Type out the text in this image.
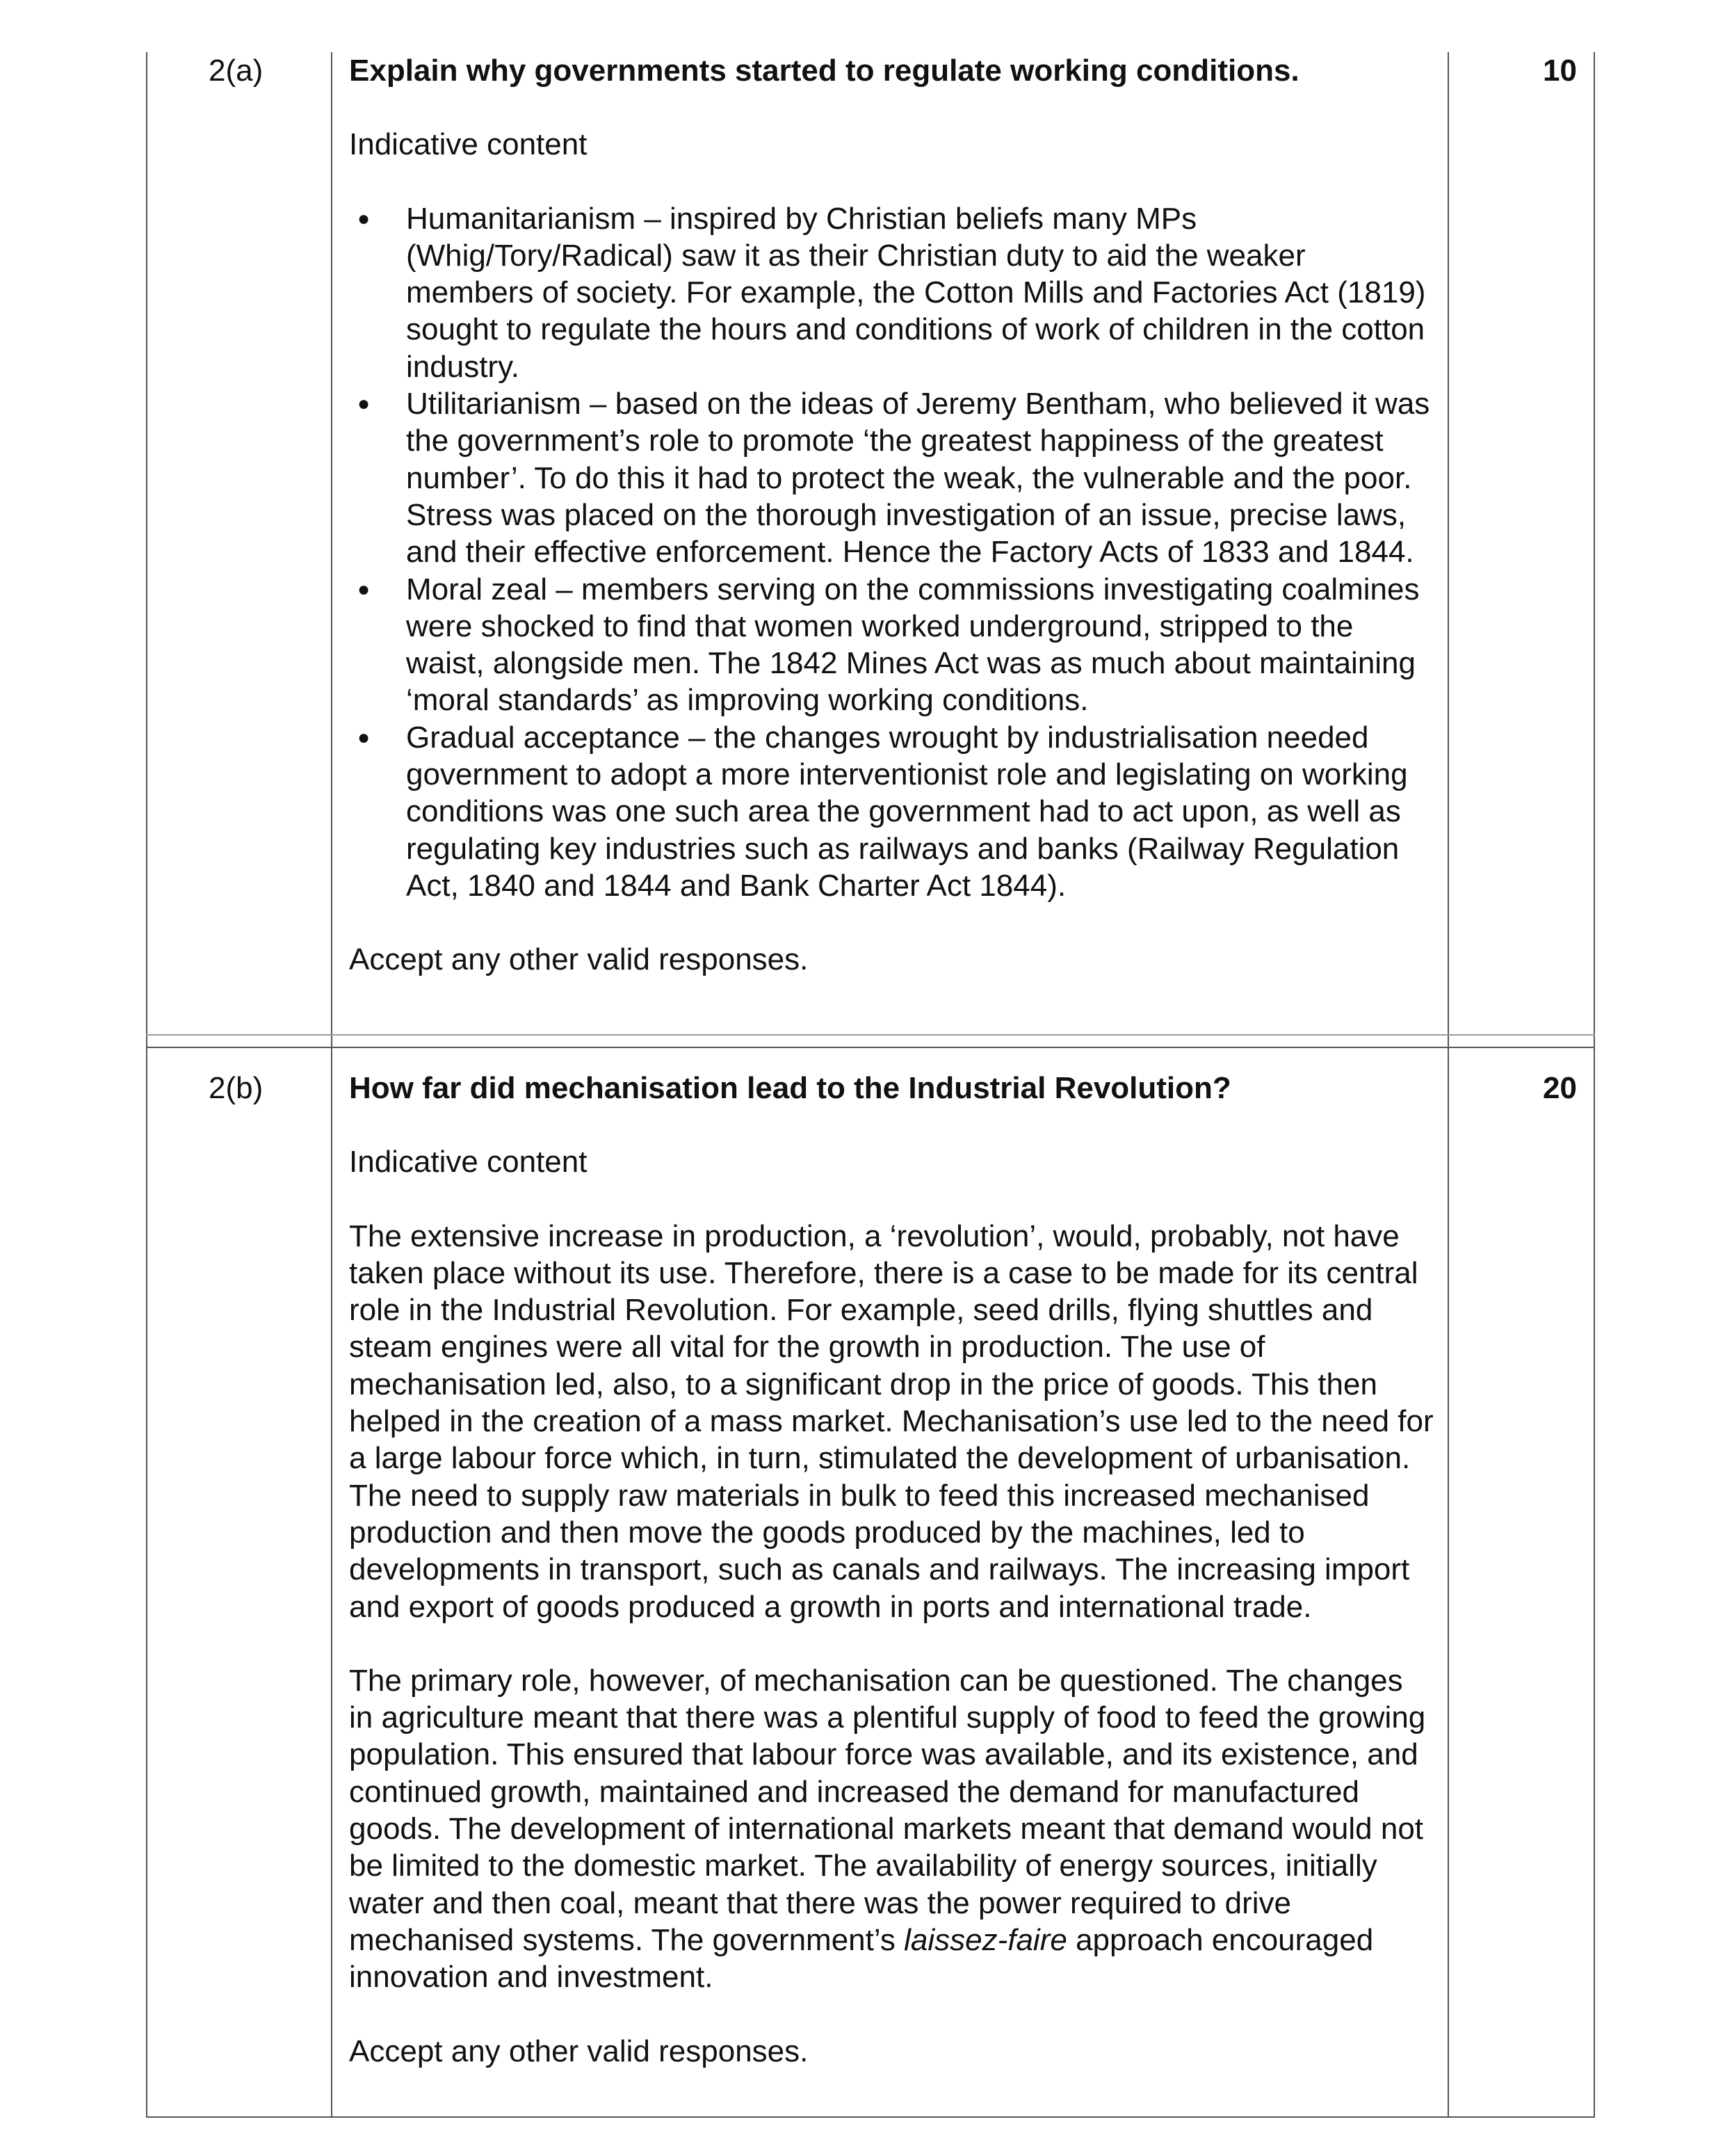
2(a)	10

Explain why governments started to regulate working conditions.

Indicative content

● Humanitarianism – inspired by Christian beliefs many MPs (Whig/Tory/Radical) saw it as their Christian duty to aid the weaker members of society. For example, the Cotton Mills and Factories Act (1819) sought to regulate the hours and conditions of work of children in the cotton industry.
● Utilitarianism – based on the ideas of Jeremy Bentham, who believed it was the government’s role to promote ‘the greatest happiness of the greatest number’. To do this it had to protect the weak, the vulnerable and the poor. Stress was placed on the thorough investigation of an issue, precise laws, and their effective enforcement. Hence the Factory Acts of 1833 and 1844.
● Moral zeal – members serving on the commissions investigating coalmines were shocked to find that women worked underground, stripped to the waist, alongside men. The 1842 Mines Act was as much about maintaining ‘moral standards’ as improving working conditions.
● Gradual acceptance – the changes wrought by industrialisation needed government to adopt a more interventionist role and legislating on working conditions was one such area the government had to act upon, as well as regulating key industries such as railways and banks (Railway Regulation Act, 1840 and 1844 and Bank Charter Act 1844).

Accept any other valid responses.

2(b)	20

How far did mechanisation lead to the Industrial Revolution?

Indicative content

The extensive increase in production, a ‘revolution’, would, probably, not have taken place without its use. Therefore, there is a case to be made for its central role in the Industrial Revolution. For example, seed drills, flying shuttles and steam engines were all vital for the growth in production. The use of mechanisation led, also, to a significant drop in the price of goods. This then helped in the creation of a mass market. Mechanisation’s use led to the need for a large labour force which, in turn, stimulated the development of urbanisation. The need to supply raw materials in bulk to feed this increased mechanised production and then move the goods produced by the machines, led to developments in transport, such as canals and railways. The increasing import and export of goods produced a growth in ports and international trade.

The primary role, however, of mechanisation can be questioned. The changes in agriculture meant that there was a plentiful supply of food to feed the growing population. This ensured that labour force was available, and its existence, and continued growth, maintained and increased the demand for manufactured goods. The development of international markets meant that demand would not be limited to the domestic market. The availability of energy sources, initially water and then coal, meant that there was the power required to drive mechanised systems. The government’s laissez-faire approach encouraged innovation and investment.

Accept any other valid responses.
